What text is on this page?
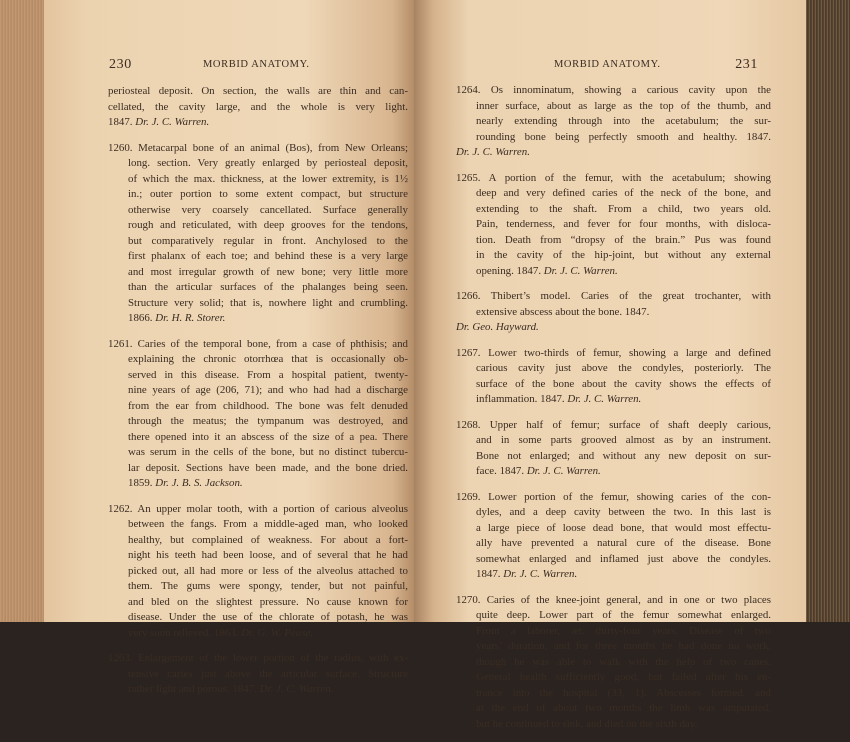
230	MORBID ANATOMY.
periosteal deposit. On section, the walls are thin and can-
cellated, the cavity large, and the whole is very light.
1847. Dr. J. C. Warren.
1260. Metacarpal bone of an animal (Bos), from New Orleans;
long. section. Very greatly enlarged by periosteal deposit,
of which the max. thickness, at the lower extremity, is 1½
in.; outer portion to some extent compact, but structure
otherwise very coarsely cancellated. Surface generally
rough and reticulated, with deep grooves for the tendons,
but comparatively regular in front. Anchylosed to the
first phalanx of each toe; and behind these is a very large
and most irregular growth of new bone; very little more
than the articular surfaces of the phalanges being seen.
Structure very solid; that is, nowhere light and crumbling.
1866. Dr. H. R. Storer.
1261. Caries of the temporal bone, from a case of phthisis; and
explaining the chronic otorrhœa that is occasionally ob-
served in this disease. From a hospital patient, twenty-
nine years of age (206, 71); and who had had a discharge
from the ear from childhood. The bone was felt denuded
through the meatus; the tympanum was destroyed, and
there opened into it an abscess of the size of a pea. There
was serum in the cells of the bone, but no distinct tubercu-
lar deposit. Sections have been made, and the bone dried.
1859. Dr. J. B. S. Jackson.
1262. An upper molar tooth, with a portion of carious alveolus
between the fangs. From a middle-aged man, who looked
healthy, but complained of weakness. For about a fort-
night his teeth had been loose, and of several that he had
picked out, all had more or less of the alveolus attached to
them. The gums were spongy, tender, but not painful,
and bled on the slightest pressure. No cause known for
disease. Under the use of the chlorate of potash, he was
very soon relieved. 1863. Dr. G. W. Pease.
1263. Enlargement of the lower portion of the radius, with ex-
tensive caries just above the articular surface. Structure
rather light and porous. 1847. Dr. J. C. Warren.
MORBID ANATOMY.	231
1264. Os innominatum, showing a carious cavity upon the
inner surface, about as large as the top of the thumb, and
nearly extending through into the acetabulum; the sur-
rounding bone being perfectly smooth and healthy. 1847.
Dr. J. C. Warren.
1265. A portion of the femur, with the acetabulum; showing
deep and very defined caries of the neck of the bone, and
extending to the shaft. From a child, two years old.
Pain, tenderness, and fever for four months, with disloca-
tion. Death from “dropsy of the brain.” Pus was found
in the cavity of the hip-joint, but without any external
opening. 1847. Dr. J. C. Warren.
1266. Thibert’s model. Caries of the great trochanter, with
extensive abscess about the bone. 1847.
Dr. Geo. Hayward.
1267. Lower two-thirds of femur, showing a large and defined
carious cavity just above the condyles, posteriorly. The
surface of the bone about the cavity shows the effects of
inflammation. 1847. Dr. J. C. Warren.
1268. Upper half of femur; surface of shaft deeply carious,
and in some parts grooved almost as by an instrument.
Bone not enlarged; and without any new deposit on sur-
face. 1847. Dr. J. C. Warren.
1269. Lower portion of the femur, showing caries of the con-
dyles, and a deep cavity between the two. In this last is
a large piece of loose dead bone, that would most effectu-
ally have prevented a natural cure of the disease. Bone
somewhat enlarged and inflamed just above the condyles.
1847. Dr. J. C. Warren.
1270. Caries of the knee-joint general, and in one or two places
quite deep. Lower part of the femur somewhat enlarged.
From a laborer, æt. thirty-four years. Disease of two
years’ duration, and for three months he had done no work,
though he was able to walk with the help of two canes.
General health sufficiently good, but failed after his en-
trance into the hospital (33, 1). Abscesses formed, and
at the end of about two months the limb was amputated,
but he continued to sink, and died on the sixth day.
